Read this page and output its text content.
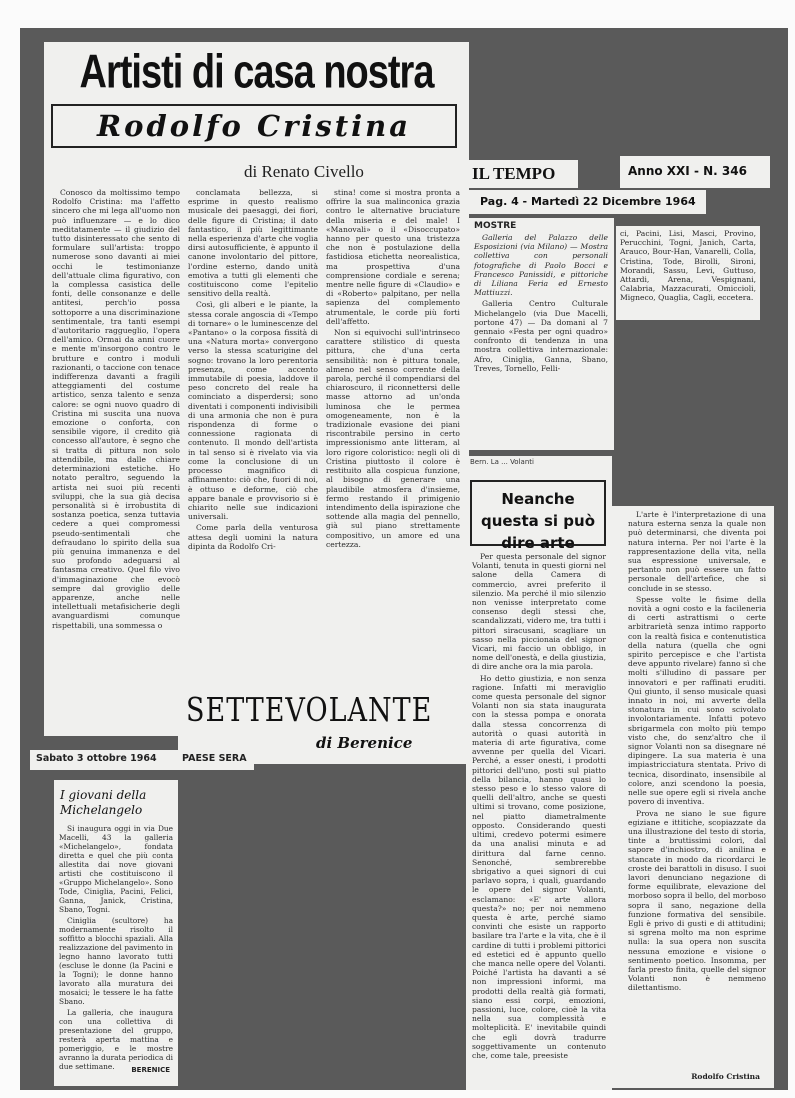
Artisti di casa nostra
Rodolfo Cristina
di Renato Civello

Conosco da moltissimo tempo Rodolfo Cristina: ma l'affetto sincero che mi lega all'uomo non può influenzare — e lo dico meditatamente — il giudizio del tutto disinteressato che sento di formulare sull'artista: troppo numerose sono davanti ai miei occhi le testimonianze dell'attuale clima figurativo, con la complessa casistica delle fonti, delle consonanze e delle antitesi, perch'io possa sottoporre a una discriminazione sentimentale, tra tanti esempi d'autoritario raggueglio, l'opera dell'amico. Ormai da anni cuore e mente m'insorgono contro le brutture e contro i moduli razionanti, o taccione con tenace indifferenza davanti a fragili atteggiamenti del costume artistico, senza talento e senza calore: se ogni nuovo quadro di Cristina mi suscita una nuova emozione o conforta, con sensibile vigore, il credito già concesso all'autore, è segno che si tratta di pittura non solo attendibile, ma dalle chiare determinazioni estetiche. Ho notato peraltro, seguendo la artista nei suoi più recenti sviluppi, che la sua già decisa personalità si è irrobustita di sostanza poetica, senza tuttavia cedere a quei compromessi pseudo-sentimentali che defraudano lo spirito della sua più genuina immanenza e del suo profondo adeguarsi al fantasma creativo. Quel filo vivo d'immaginazione che evocò sempre dal groviglio delle apparenze, anche nelle intellettuali metafisicherie degli avanguardismi comunque rispettabili, una sommessa o

conclamata bellezza, si esprime in questo realismo musicale dei paesaggi, dei fiori, delle figure di Cristina; il dato fantastico, il più legittimante nella esperienza d'arte che voglia dirsi autosufficiente, è appunto il canone involontario del pittore, l'ordine esterno, dando unità emotiva a tutti gli elementi che costituiscono come l'epitelio sensitivo della realtà.

Così, gli alberi e le piante, la stessa corale angoscia di «Tempo di tornare» o le luminescenze del «Pantano» o la corposa fissità di una «Natura morta» convergono verso la stessa scaturigine del sogno: trovano la loro perentoria presenza, come accento immutabile di poesia, laddove il peso concreto del reale ha cominciato a disperdersi; sono diventati i componenti indivisibili di una armonia che non è pura rispondenza di forme o connessione ragionata di contenuto. Il mondo dell'artista in tal senso si è rivelato via via come la conclusione di un processo magnifico di affinamento: ciò che, fuori di noi, è ottuso e deforme, ciò che appare banale e provvisorio si è chiarito nelle sue indicazioni universali.

Come parla della venturosa attesa degli uomini la natura dipinta da Rodolfo Cri-

stina! come si mostra pronta a offrire la sua malinconica grazia contro le alternative bruciature della miseria e del male! I «Manovali» o il «Disoccupato» hanno per questo una tristezza che non è postulazione della fastidiosa etichetta neorealistica, ma prospettiva d'una comprensione cordiale e serena; mentre nelle figure di «Claudio» e di «Roberto» palpitano, per nella sapienza del complemento atrumentale, le corde più forti dell'affetto.

Non si equivochi sull'intrinseco carattere stilistico di questa pittura, che d'una certa sensibilità: non è pittura tonale, almeno nel senso corrente della parola, perché il compendiarsi del chiaroscuro, il riconnettersi delle masse attorno ad un'onda luminosa che le permea omogeneamente, non è la tradizionale evasione dei piani riscontrabile persino in certo impressionismo ante litteram, al loro rigore coloristico: negli oli di Cristina piuttosto il colore è restituito alla cospicua funzione, al bisogno di generare una plaudibile atmosfera d'insieme, fermo restando il primigenio intendimento della ispirazione che sottende alla magia del pennello, già sul piano strettamente compositivo, un amore ed una certezza.

IL TEMPO	Anno XXI - N. 346
Pag. 4 - Martedì 22 Dicembre 1964
MOSTRE

Galleria del Palazzo delle Esposizioni (via Milano) — Mostra collettiva con personali fotografiche di Paolo Bocci e Francesco Panissidi, e pittoriche di Liliana Feria ed Ernesto Mattiuzzi.

Galleria Centro Culturale Michelangelo (via Due Macelli, portone 47) — Da domani al 7 gennaio «Festa per ogni quadro» confronto di tendenza in una mostra collettiva internazionale: Afro, Ciniglia, Ganna, Sbano, Treves, Tornello, Felli-

ci, Pacini, Lisi, Masci, Provino, Perucchini, Togni, Janich, Carta, Arauco, Bour-Han, Vanarelli, Colla, Cristina, Tode, Birolli, Sironi, Morandi, Sassu, Levi, Guttuso, Attardi, Arena, Vespignani, Calabria, Mazzacurati, Omiccioli, Migneco, Quaglia, Cagli, eccetera.

SETTEVOLANTE
di Berenice
Sabato 3 ottobre 1964	PAESE SERA
I giovani della Michelangelo

Si inaugura oggi in via Due Macelli, 43 la galleria «Michelangelo», fondata diretta e quel che più conta allestita dai nove giovani artisti che costituiscono il «Gruppo Michelangelo». Sono Tode, Ciniglia, Pacini, Felici, Ganna, Janick, Cristina, Sbano, Togni.

Ciniglia (scultore) ha modernamente risolto il soffitto a blocchi spaziali. Alla realizzazione del pavimento in legno hanno lavorato tutti (escluse le donne (la Pacini e la Togni); le donne hanno lavorato alla muratura dei mosaici; le tessere le ha fatte Sbano.

La galleria, che inaugura con una collettiva di presentazione del gruppo, resterà aperta mattina e pomeriggio, e le mostre avranno la durata periodica di due settimane.	BERENICE
Bern. La ... Volanti
Neanche questa si può dire arte

Per questa personale del signor Volanti, tenuta in questi giorni nel salone della Camera di commercio, avrei preferito il silenzio. Ma perché il mio silenzio non venisse interpretato come consenso degli stessi che, scandalizzati, videro me, tra tutti i pittori siracusani, scagliare un sasso nella piccionaia del signor Vicari, mi faccio un obbligo, in nome dell'onestà, e della giustizia, di dire anche ora la mia parola.

Ho detto giustizia, e non senza ragione. Infatti mi meraviglio come questa personale del signor Volanti non sia stata inaugurata con la stessa pompa e onorata dalla stessa concorrenza di autorità o quasi autorità in materia di arte figurativa, come avvenne per quella del Vicari. Perché, a esser onesti, i prodotti pittorici dell'uno, posti sul piatto della bilancia, hanno quasi lo stesso peso e lo stesso valore di quelli dell'altro, anche se questi ultimi si trovano, come posizione, nel piatto diametralmente opposto. Considerando questi ultimi, credevo potermi esimere da una analisi minuta e ad dirittura dal farne cenno. Senonché, sembrerebbe sbrigativo a quei signori di cui parlavo sopra, i quali, guardando le opere del signor Volanti, esclamano: «E' arte allora questa?» no; per noi nemmeno questa è arte, perché siamo convinti che esiste un rapporto basilare tra l'arte e la vita, che è il cardine di tutti i problemi pittorici ed estetici ed è appunto quello che manca nelle opere del Volanti. Poiché l'artista ha davanti a sé non impressioni informi, ma prodotti della realtà già formati, siano essi corpi, emozioni, passioni, luce, colore, cioè la vita nella sua complessità e molteplicità. E' inevitabile quindi che egli dovrà tradurre soggettivamente un contenuto che, come tale, preesiste

L'arte è l'interpretazione di una natura esterna senza la quale non può determinarsi, che diventa poi natura interna. Per noi l'arte è la rappresentazione della vita, nella sua espressione universale, e pertanto non può essere un fatto personale dell'artefice, che si conclude in se stesso.

Spesse volte le fisime della novità a ogni costo e la facileneria di certi astrattismi o certe arbitrarietà senza intimo rapporto con la realtà fisica e contenutistica della natura (quella che ogni spirito percepisce e che l'artista deve appunto rivelare) fanno sì che molti s'illudino di passare per innovatori e per raffinati eruditi. Qui giunto, il senso musicale quasi innato in noi, mi avverte della stonatura in cui sono scivolato involontariamente. Infatti potevo sbrigarmela con molto più tempo visto che, do senz'altro che il signor Volanti non sa disegnare né dipingere. La sua materia è una impiastricciatura stentata. Privo di tecnica, disordinato, insensibile al colore, anzi scendono la poesia, nelle sue opere egli si rivela anche povero di inventiva.

Prova ne siano le sue figure egiziane e ittitiche, scopiazzate da una illustrazione del testo di storia, tinte a bruttissimi colori, dal sapore d'inchiostro, di anilina e stancate in modo da ricordarci le croste dei barattoli in disuso. I suoi lavori denunciano negazione di forme equilibrate, elevazione del morboso sopra il bello, del morboso sopra il sano, negazione della funzione formativa del sensibile. Egli è privo di gusti e di attitudini; si sgrena molto ma non esprime nulla: la sua opera non suscita nessuna emozione e visione o sentimento poetico. Insomma, per farla presto finita, quelle del signor Volanti non è nemmeno dilettantismo.

Rodolfo Cristina
